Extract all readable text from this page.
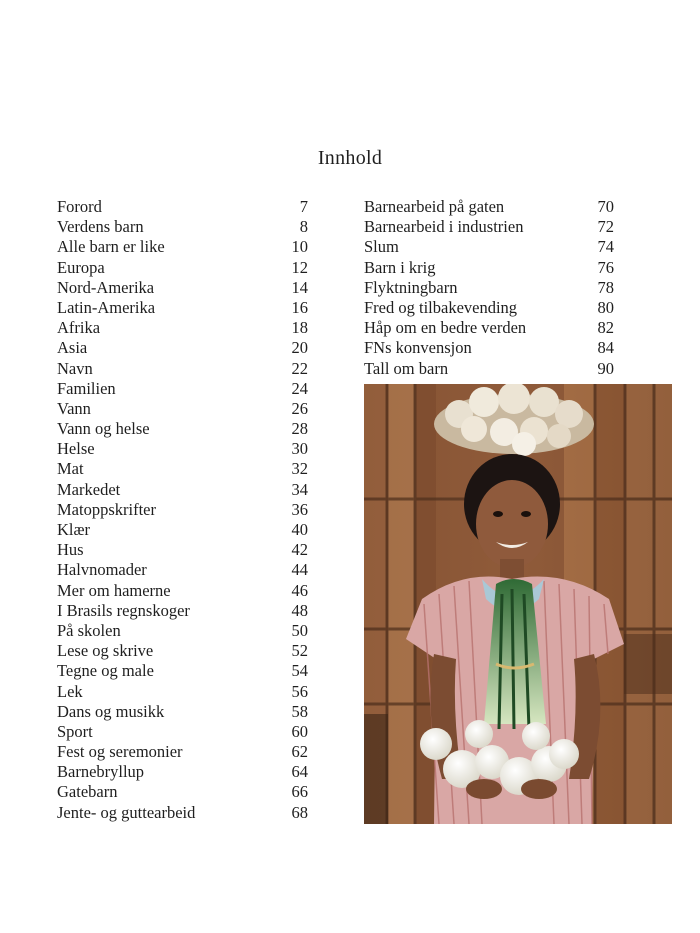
Innhold
Forord	7
Verdens barn	8
Alle barn er like	10
Europa	12
Nord-Amerika	14
Latin-Amerika	16
Afrika	18
Asia	20
Navn	22
Familien	24
Vann	26
Vann og helse	28
Helse	30
Mat	32
Markedet	34
Matoppskrifter	36
Klær	40
Hus	42
Halvnomader	44
Mer om hamerne	46
I Brasils regnskoger	48
På skolen	50
Lese og skrive	52
Tegne og male	54
Lek	56
Dans og musikk	58
Sport	60
Fest og seremonier	62
Barnebryllup	64
Gatebarn	66
Jente- og guttearbeid	68
Barnearbeid på gaten	70
Barnearbeid i industrien	72
Slum	74
Barn i krig	76
Flyktningbarn	78
Fred og tilbakevending	80
Håp om en bedre verden	82
FNs konvensjon	84
Tall om barn	90
